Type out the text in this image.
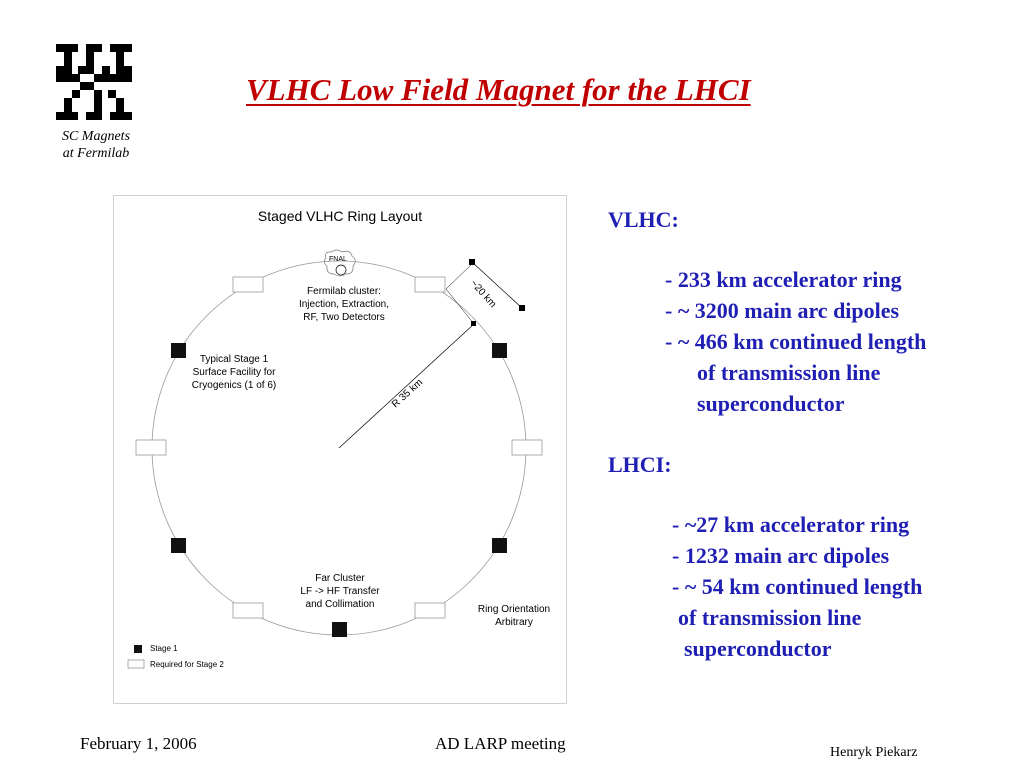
SC Magnets
at Fermilab
VLHC Low Field Magnet for the LHCI
Staged VLHC Ring Layout
FNAL
~20 km
R 35 km
Fermilab cluster:
Injection, Extraction,
RF, Two Detectors
Typical Stage 1
Surface Facility for
Cryogenics (1 of 6)
Far Cluster
LF -> HF Transfer
and Collimation	Ring Orientation
Arbitrary
Stage 1
Required for Stage 2
VLHC:
- 233 km accelerator ring
- ~ 3200 main arc dipoles
- ~ 466 km continued length
of transmission line
superconductor
LHCI:
- ~27 km accelerator ring
- 1232 main arc dipoles
- ~ 54 km continued length
of transmission line
superconductor
February 1, 2006	AD LARP meeting	Henryk Piekarz
